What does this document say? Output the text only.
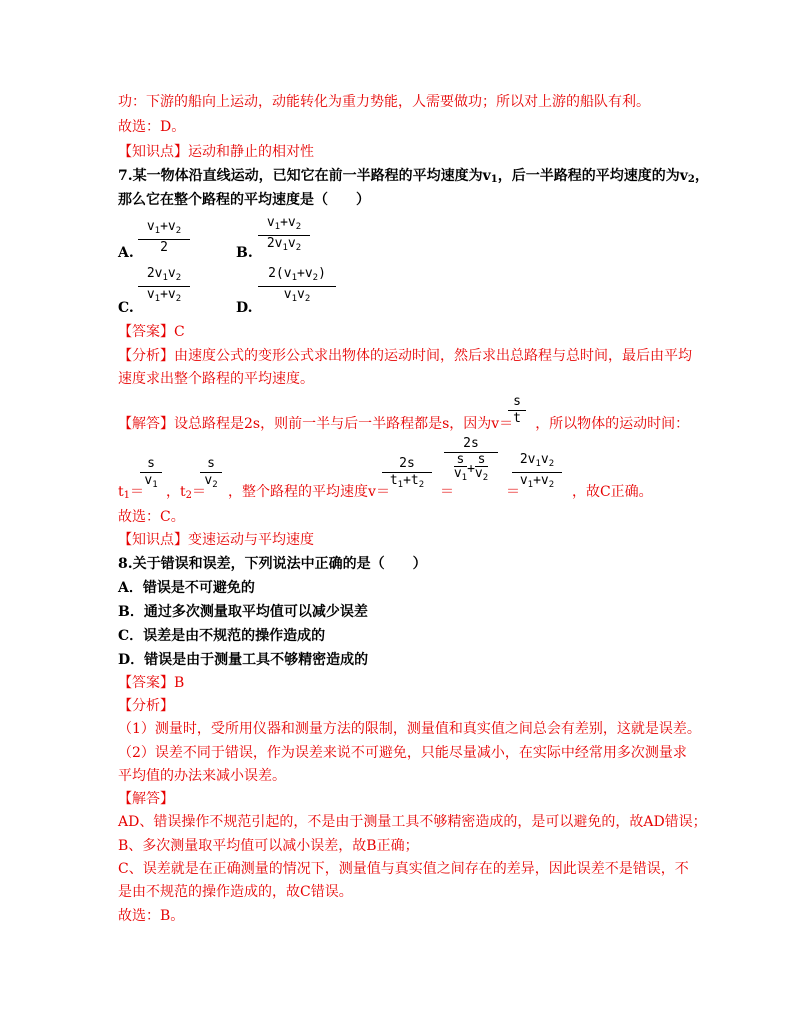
功：下游的船向上运动，动能转化为重力势能，人需要做功；所以对上游的船队有利。
故选：D。
【知识点】运动和静止的相对性
7.某一物体沿直线运动，已知它在前一半路程的平均速度为v1，后一半路程的平均速度的为v2，
那么它在整个路程的平均速度是（　　）
A.
$v_1+v_2$
2	B.
$v_1+v_2$
$2v_1v_2$
C.
$2v_1v_2$
$v_1+v_2$
D.
$2(v_1+v_2)$
$v_1v_2$
【答案】C
【分析】由速度公式的变形公式求出物体的运动时间，然后求出总路程与总时间，最后由平均
速度求出整个路程的平均速度。
【解答】设总路程是2s，则前一半与后一半路程都是s，因为v＝ ，所以物体的运动时间：
s
t
t1＝ ，t2＝ ，整个路程的平均速度v＝	＝	＝	，故C正确。
s
$v_1$
s
$v_2$
2s
$t_1+t_2$
2s
$\frac{s}{v_1} + \frac{s}{v_2}$	$2v_1v_2$
$v_1+v_2$
故选：C。
【知识点】变速运动与平均速度
8.关于错误和误差，下列说法中正确的是（　　）
A．错误是不可避免的
B．通过多次测量取平均值可以减少误差
C．误差是由不规范的操作造成的
D．错误是由于测量工具不够精密造成的
【答案】B
【分析】
（1）测量时，受所用仪器和测量方法的限制，测量值和真实值之间总会有差别，这就是误差。
（2）误差不同于错误，作为误差来说不可避免，只能尽量减小，在实际中经常用多次测量求
平均值的办法来减小误差。
【解答】
AD、错误操作不规范引起的，不是由于测量工具不够精密造成的，是可以避免的，故AD错误；
B、多次测量取平均值可以减小误差，故B正确；
C、误差就是在正确测量的情况下，测量值与真实值之间存在的差异，因此误差不是错误，不
是由不规范的操作造成的，故C错误。
故选：B。
